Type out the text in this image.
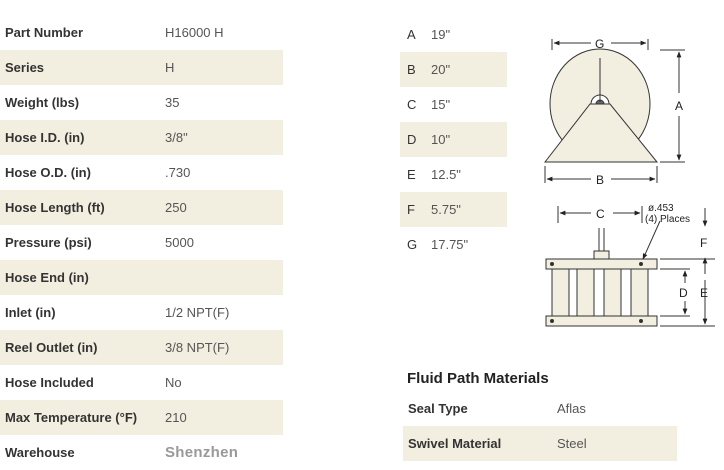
Part Number	H16000 H
Series	H
Weight (lbs)	35
Hose I.D. (in)	3/8"
Hose O.D. (in)	.730
Hose Length (ft)	250
Pressure (psi)	5000
Hose End (in)
Inlet (in)	1/2 NPT(F)
Reel Outlet (in)	3/8 NPT(F)
Hose Included	No
Max Temperature (°F)	210
Warehouse	Shenzhen
A	19"
B	20"
C	15"
D	10"
E	12.5"
F	5.75"
G	17.75"
G
A
B
C
F
D E
ø.453
(4) Places
Fluid Path Materials
Seal Type	Aflas
Swivel Material	Steel
